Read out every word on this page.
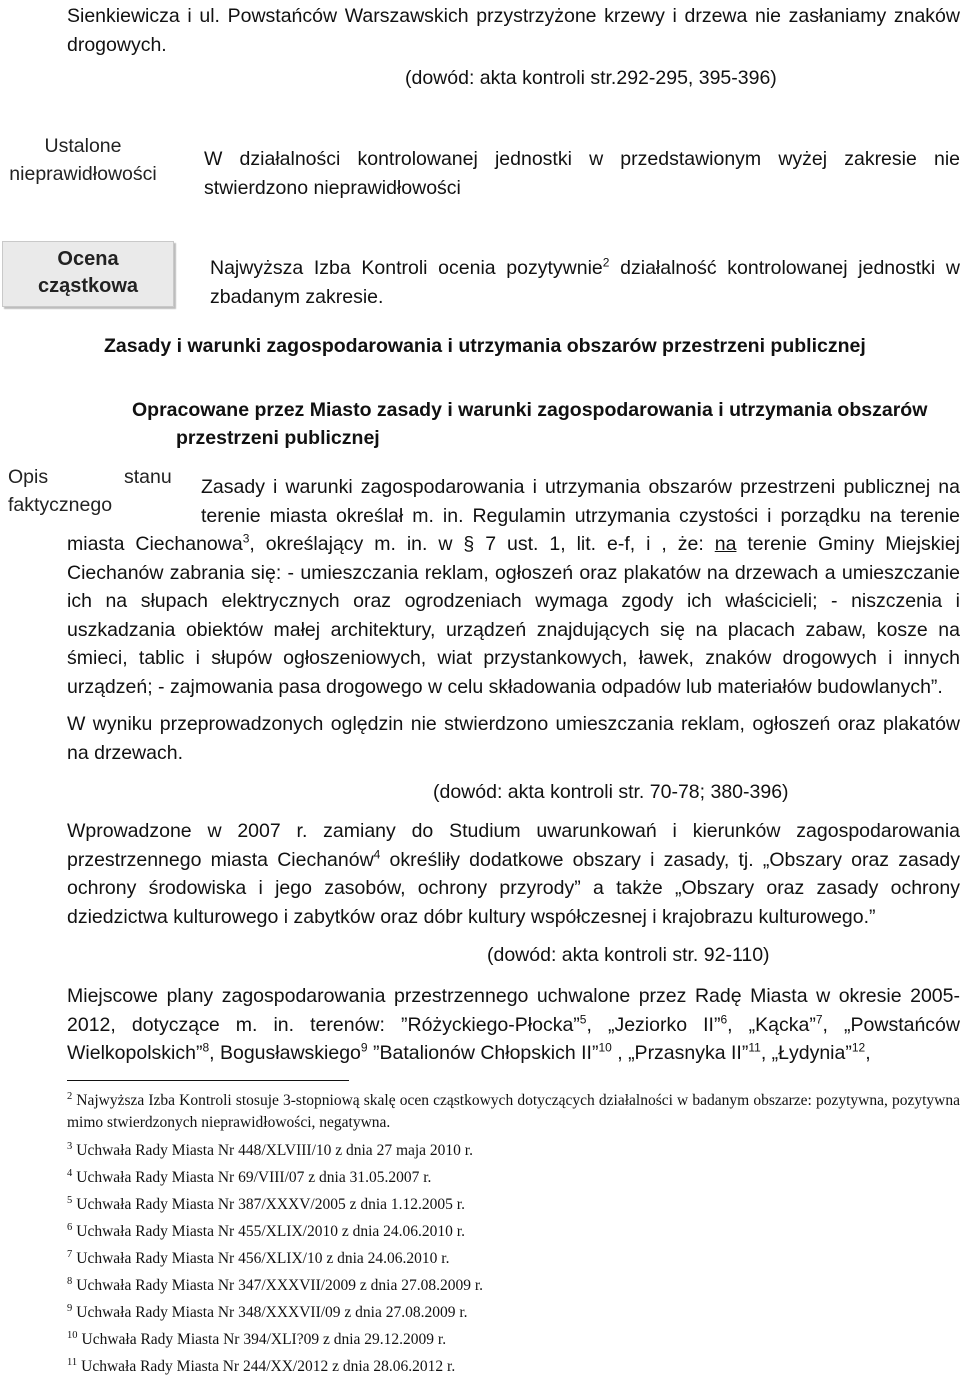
Sienkiewicza i ul. Powstańców Warszawskich przystrzyżone krzewy i drzewa nie zasłaniamy znaków drogowych.

(dowód: akta kontroli str.292-295, 395-396)

Ustalone nieprawidłowości

W działalności kontrolowanej jednostki w przedstawionym wyżej zakresie nie stwierdzono nieprawidłowości

Ocena cząstkowa

Najwyższa Izba Kontroli ocenia pozytywnie$^2$ działalność kontrolowanej jednostki w zbadanym zakresie.

Zasady i warunki zagospodarowania i utrzymania obszarów przestrzeni publicznej

Opracowane przez Miasto zasady i warunki zagospodarowania i utrzymania obszarów przestrzeni publicznej

Opis	stanu
faktycznego
Zasady i warunki zagospodarowania i utrzymania obszarów przestrzeni publicznej na terenie miasta określał m. in. Regulamin utrzymania czystości i porządku na terenie miasta Ciechanowa$^3$, określający m. in. w § 7 ust. 1, lit. e-f, i , że: na terenie Gminy Miejskiej Ciechanów zabrania się: - umieszczania reklam, ogłoszeń oraz plakatów na drzewach a umieszczanie ich na słupach elektrycznych oraz ogrodzeniach wymaga zgody ich właścicieli; - niszczenia i uszkadzania obiektów małej architektury, urządzeń znajdujących się na placach zabaw, kosze na śmieci, tablic i słupów ogłoszeniowych, wiat przystankowych, ławek, znaków drogowych i innych urządzeń; - zajmowania pasa drogowego w celu składowania odpadów lub materiałów budowlanych”.

W wyniku przeprowadzonych oględzin nie stwierdzono umieszczania reklam, ogłoszeń oraz plakatów na drzewach.

(dowód: akta kontroli str. 70-78; 380-396)

Wprowadzone w 2007 r. zamiany do Studium uwarunkowań i kierunków zagospodarowania przestrzennego miasta Ciechanów$^4$ określiły dodatkowe obszary i zasady, tj. „Obszary oraz zasady ochrony środowiska i jego zasobów, ochrony przyrody” a także „Obszary oraz zasady ochrony dziedzictwa kulturowego i zabytków oraz dóbr kultury współczesnej i krajobrazu kulturowego.”

(dowód: akta kontroli str. 92-110)

Miejscowe plany zagospodarowania przestrzennego uchwalone przez Radę Miasta w okresie 2005-2012, dotyczące m. in. terenów: ”Różyckiego-Płocka”$^5$, „Jeziorko II”$^6$, „Kącka”$^7$, „Powstańców Wielkopolskich”$^8$, Bogusławskiego$^9$ ”Batalionów Chłopskich II”$^{10}$ , „Przasnyka II”$^{11}$, „Łydynia”$^{12}$,

$^2$ Najwyższa Izba Kontroli stosuje 3-stopniową skalę ocen cząstkowych dotyczących działalności w badanym obszarze: pozytywna, pozytywna mimo stwierdzonych nieprawidłowości, negatywna.

$^3$ Uchwała Rady Miasta Nr 448/XLVIII/10 z dnia 27 maja 2010 r.

$^4$ Uchwała Rady Miasta Nr 69/VIII/07 z dnia 31.05.2007 r.

$^5$ Uchwała Rady Miasta Nr 387/XXXV/2005 z dnia 1.12.2005 r.

$^6$ Uchwała Rady Miasta Nr 455/XLIX/2010 z dnia 24.06.2010 r.

$^7$ Uchwała Rady Miasta Nr 456/XLIX/10 z dnia 24.06.2010 r.

$^8$ Uchwała Rady Miasta Nr 347/XXXVII/2009 z dnia 27.08.2009 r.

$^9$ Uchwała Rady Miasta Nr 348/XXXVII/09 z dnia 27.08.2009 r.

$^{10}$ Uchwała Rady Miasta Nr 394/XLI?09 z dnia 29.12.2009 r.

$^{11}$ Uchwała Rady Miasta Nr 244/XX/2012 z dnia 28.06.2012 r.
